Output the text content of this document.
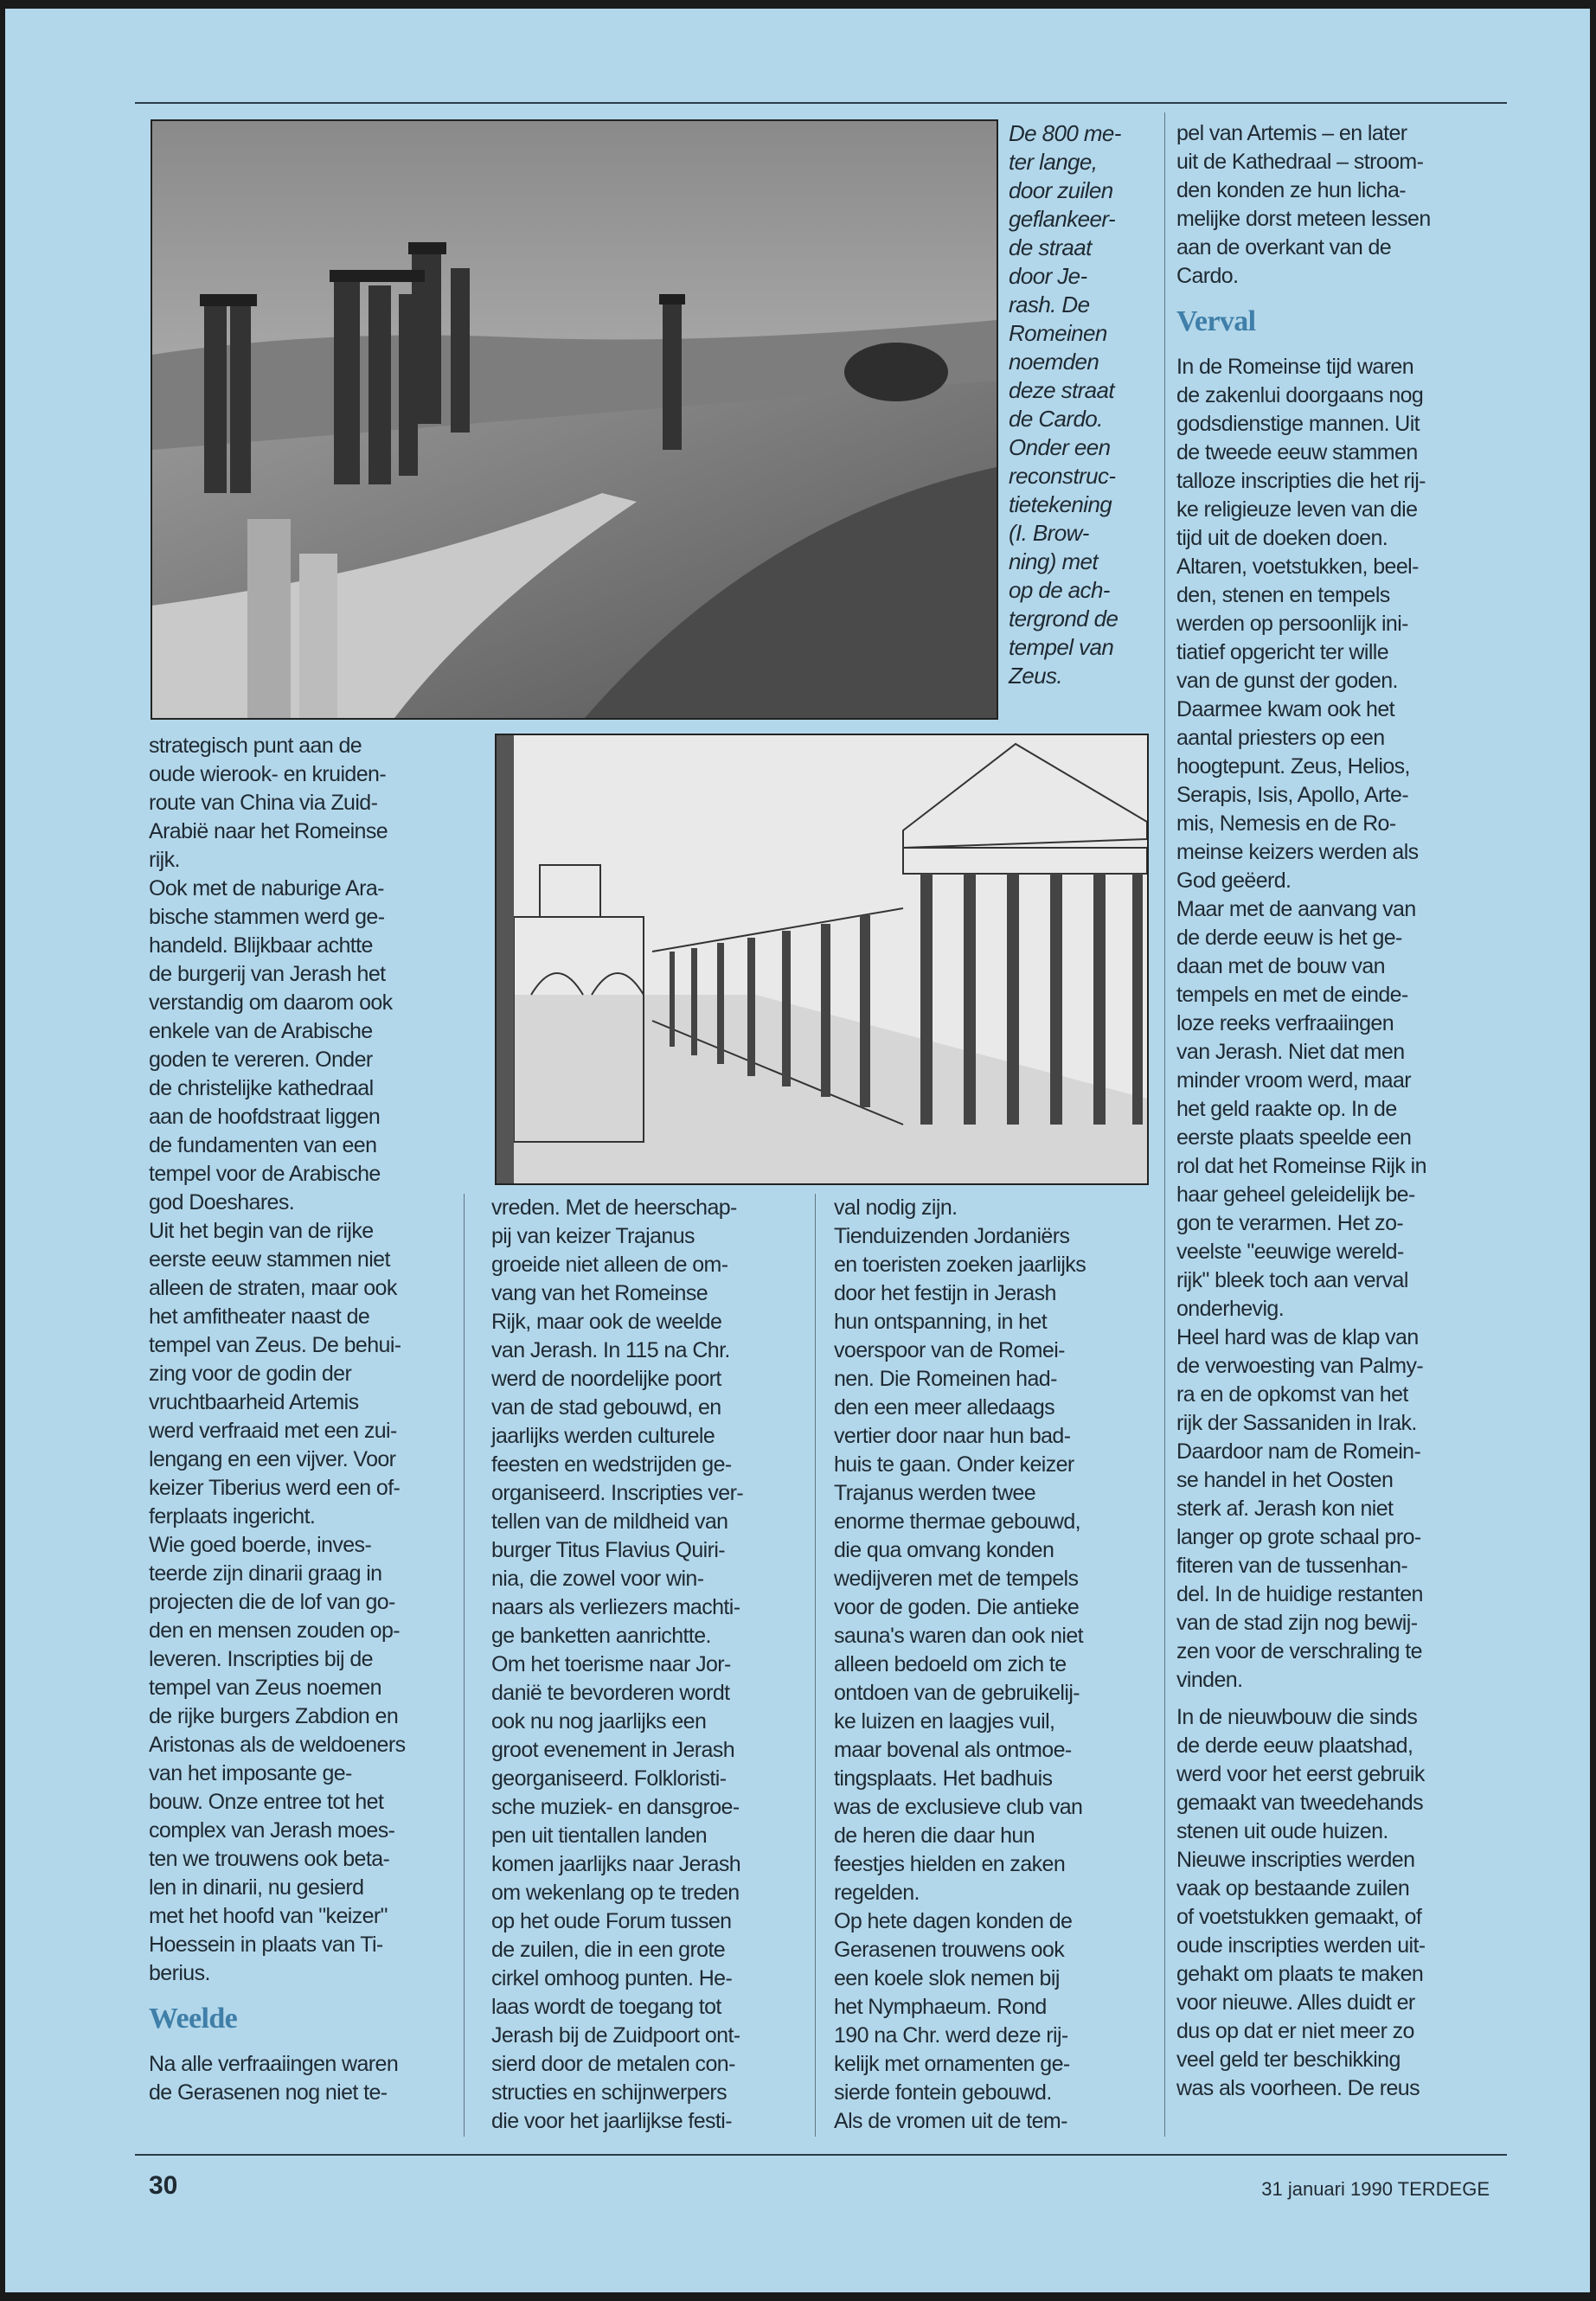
De 800 me-
ter lange,
door zuilen
geflankeer-
de straat
door Je-
rash. De
Romeinen
noemden
deze straat
de Cardo.
Onder een
reconstruc-
tietekening
(I. Brow-
ning) met
op de ach-
tergrond de
tempel van
Zeus.

strategisch punt aan de
oude wierook- en kruiden-
route van China via Zuid-
Arabië naar het Romeinse
rijk.

Ook met de naburige Ara-
bische stammen werd ge-
handeld. Blijkbaar achtte
de burgerij van Jerash het
verstandig om daarom ook
enkele van de Arabische
goden te vereren. Onder
de christelijke kathedraal
aan de hoofdstraat liggen
de fundamenten van een
tempel voor de Arabische
god Doeshares.

Uit het begin van de rijke
eerste eeuw stammen niet
alleen de straten, maar ook
het amfitheater naast de
tempel van Zeus. De behui-
zing voor de godin der
vruchtbaarheid Artemis
werd verfraaid met een zui-
lengang en een vijver. Voor
keizer Tiberius werd een of-
ferplaats ingericht.

Wie goed boerde, inves-
teerde zijn dinarii graag in
projecten die de lof van go-
den en mensen zouden op-
leveren. Inscripties bij de
tempel van Zeus noemen
de rijke burgers Zabdion en
Aristonas als de weldoeners
van het imposante ge-
bouw. Onze entree tot het
complex van Jerash moes-
ten we trouwens ook beta-
len in dinarii, nu gesierd
met het hoofd van "keizer"
Hoessein in plaats van Ti-
berius.

Weelde

Na alle verfraaiingen waren
de Gerasenen nog niet te-

vreden. Met de heerschap-
pij van keizer Trajanus
groeide niet alleen de om-
vang van het Romeinse
Rijk, maar ook de weelde
van Jerash. In 115 na Chr.
werd de noordelijke poort
van de stad gebouwd, en
jaarlijks werden culturele
feesten en wedstrijden ge-
organiseerd. Inscripties ver-
tellen van de mildheid van
burger Titus Flavius Quiri-
nia, die zowel voor win-
naars als verliezers machti-
ge banketten aanrichtte.

Om het toerisme naar Jor-
danië te bevorderen wordt
ook nu nog jaarlijks een
groot evenement in Jerash
georganiseerd. Folkloristi-
sche muziek- en dansgroe-
pen uit tientallen landen
komen jaarlijks naar Jerash
om wekenlang op te treden
op het oude Forum tussen
de zuilen, die in een grote
cirkel omhoog punten. He-
laas wordt de toegang tot
Jerash bij de Zuidpoort ont-
sierd door de metalen con-
structies en schijnwerpers
die voor het jaarlijkse festi-

val nodig zijn.

Tienduizenden Jordaniërs
en toeristen zoeken jaarlijks
door het festijn in Jerash
hun ontspanning, in het
voerspoor van de Romei-
nen. Die Romeinen had-
den een meer alledaags
vertier door naar hun bad-
huis te gaan. Onder keizer
Trajanus werden twee
enorme thermae gebouwd,
die qua omvang konden
wedijveren met de tempels
voor de goden. Die antieke
sauna's waren dan ook niet
alleen bedoeld om zich te
ontdoen van de gebruikelij-
ke luizen en laagjes vuil,
maar bovenal als ontmoe-
tingsplaats. Het badhuis
was de exclusieve club van
de heren die daar hun
feestjes hielden en zaken
regelden.

Op hete dagen konden de
Gerasenen trouwens ook
een koele slok nemen bij
het Nymphaeum. Rond
190 na Chr. werd deze rij-
kelijk met ornamenten ge-
sierde fontein gebouwd.
Als de vromen uit de tem-

pel van Artemis – en later
uit de Kathedraal – stroom-
den konden ze hun licha-
melijke dorst meteen lessen
aan de overkant van de
Cardo.

Verval

In de Romeinse tijd waren
de zakenlui doorgaans nog
godsdienstige mannen. Uit
de tweede eeuw stammen
talloze inscripties die het rij-
ke religieuze leven van die
tijd uit de doeken doen.
Altaren, voetstukken, beel-
den, stenen en tempels
werden op persoonlijk ini-
tiatief opgericht ter wille
van de gunst der goden.
Daarmee kwam ook het
aantal priesters op een
hoogtepunt. Zeus, Helios,
Serapis, Isis, Apollo, Arte-
mis, Nemesis en de Ro-
meinse keizers werden als
God geëerd.

Maar met de aanvang van
de derde eeuw is het ge-
daan met de bouw van
tempels en met de einde-
loze reeks verfraaiingen
van Jerash. Niet dat men
minder vroom werd, maar
het geld raakte op. In de
eerste plaats speelde een
rol dat het Romeinse Rijk in
haar geheel geleidelijk be-
gon te verarmen. Het zo-
veelste "eeuwige wereld-
rijk" bleek toch aan verval
onderhevig.

Heel hard was de klap van
de verwoesting van Palmy-
ra en de opkomst van het
rijk der Sassaniden in Irak.
Daardoor nam de Romein-
se handel in het Oosten
sterk af. Jerash kon niet
langer op grote schaal pro-
fiteren van de tussenhan-
del. In de huidige restanten
van de stad zijn nog bewij-
zen voor de verschraling te
vinden.

In de nieuwbouw die sinds
de derde eeuw plaatshad,
werd voor het eerst gebruik
gemaakt van tweedehands
stenen uit oude huizen.
Nieuwe inscripties werden
vaak op bestaande zuilen
of voetstukken gemaakt, of
oude inscripties werden uit-
gehakt om plaats te maken
voor nieuwe. Alles duidt er
dus op dat er niet meer zo
veel geld ter beschikking
was als voorheen. De reus

30	31 januari 1990 TERDEGE
